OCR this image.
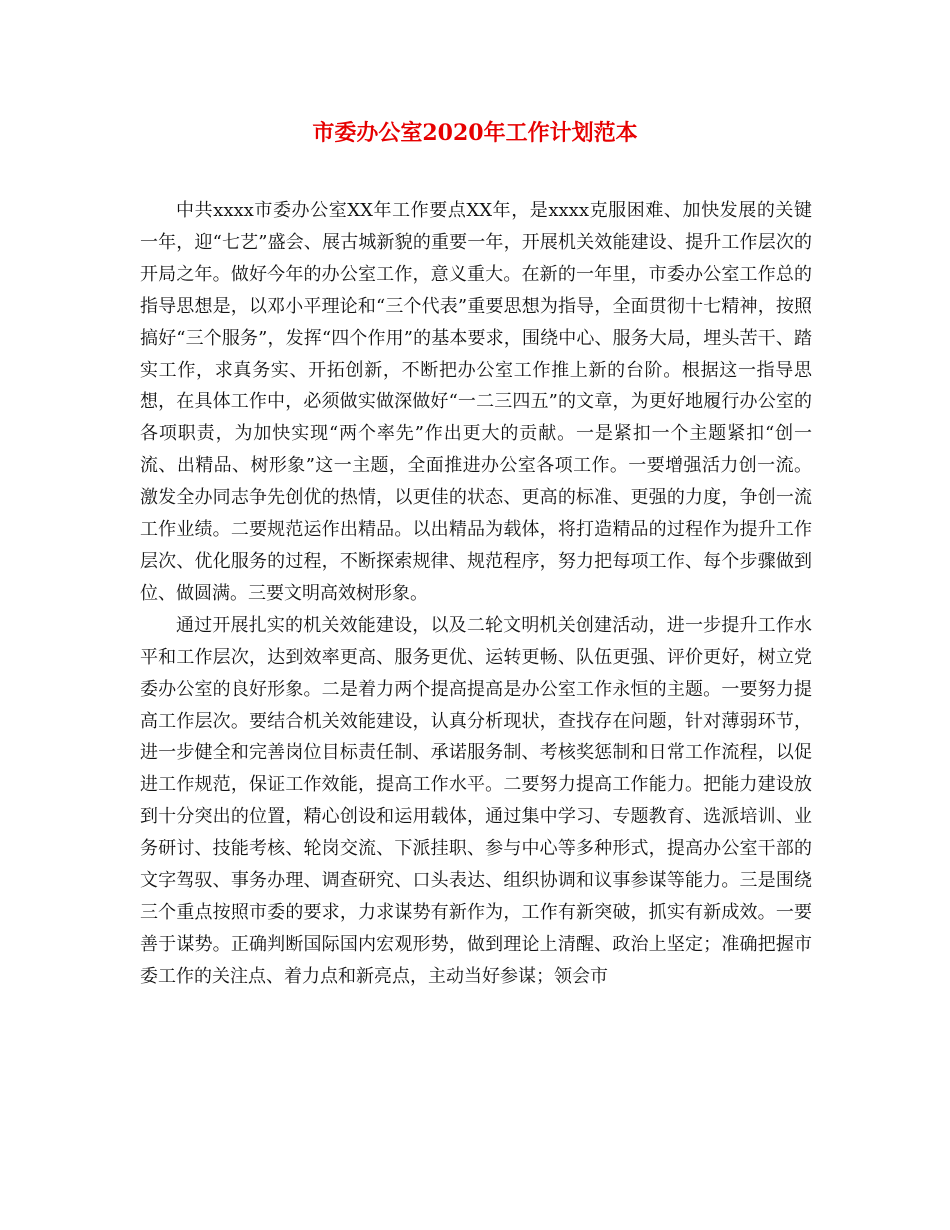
市委办公室2020年工作计划范本

中共xxxx市委办公室XX年工作要点XX年，是xxxx克服困难、加快发展的关键一年，迎“七艺”盛会、展古城新貌的重要一年，开展机关效能建设、提升工作层次的开局之年。做好今年的办公室工作，意义重大。在新的一年里，市委办公室工作总的指导思想是，以邓小平理论和“三个代表”重要思想为指导，全面贯彻十七精神，按照搞好“三个服务”，发挥“四个作用”的基本要求，围绕中心、服务大局，埋头苦干、踏实工作，求真务实、开拓创新，不断把办公室工作推上新的台阶。根据这一指导思想，在具体工作中，必须做实做深做好“一二三四五”的文章，为更好地履行办公室的各项职责，为加快实现“两个率先”作出更大的贡献。一是紧扣一个主题紧扣“创一流、出精品、树形象”这一主题，全面推进办公室各项工作。一要增强活力创一流。激发全办同志争先创优的热情，以更佳的状态、更高的标准、更强的力度，争创一流工作业绩。二要规范运作出精品。以出精品为载体，将打造精品的过程作为提升工作层次、优化服务的过程，不断探索规律、规范程序，努力把每项工作、每个步骤做到位、做圆满。三要文明高效树形象。

通过开展扎实的机关效能建设，以及二轮文明机关创建活动，进一步提升工作水平和工作层次，达到效率更高、服务更优、运转更畅、队伍更强、评价更好，树立党委办公室的良好形象。二是着力两个提高提高是办公室工作永恒的主题。一要努力提高工作层次。要结合机关效能建设，认真分析现状，查找存在问题，针对薄弱环节，进一步健全和完善岗位目标责任制、承诺服务制、考核奖惩制和日常工作流程，以促进工作规范，保证工作效能，提高工作水平。二要努力提高工作能力。把能力建设放到十分突出的位置，精心创设和运用载体，通过集中学习、专题教育、选派培训、业务研讨、技能考核、轮岗交流、下派挂职、参与中心等多种形式，提高办公室干部的文字驾驭、事务办理、调查研究、口头表达、组织协调和议事参谋等能力。三是围绕三个重点按照市委的要求，力求谋势有新作为，工作有新突破，抓实有新成效。一要善于谋势。正确判断国际国内宏观形势，做到理论上清醒、政治上坚定；准确把握市委工作的关注点、着力点和新亮点，主动当好参谋；领会市
